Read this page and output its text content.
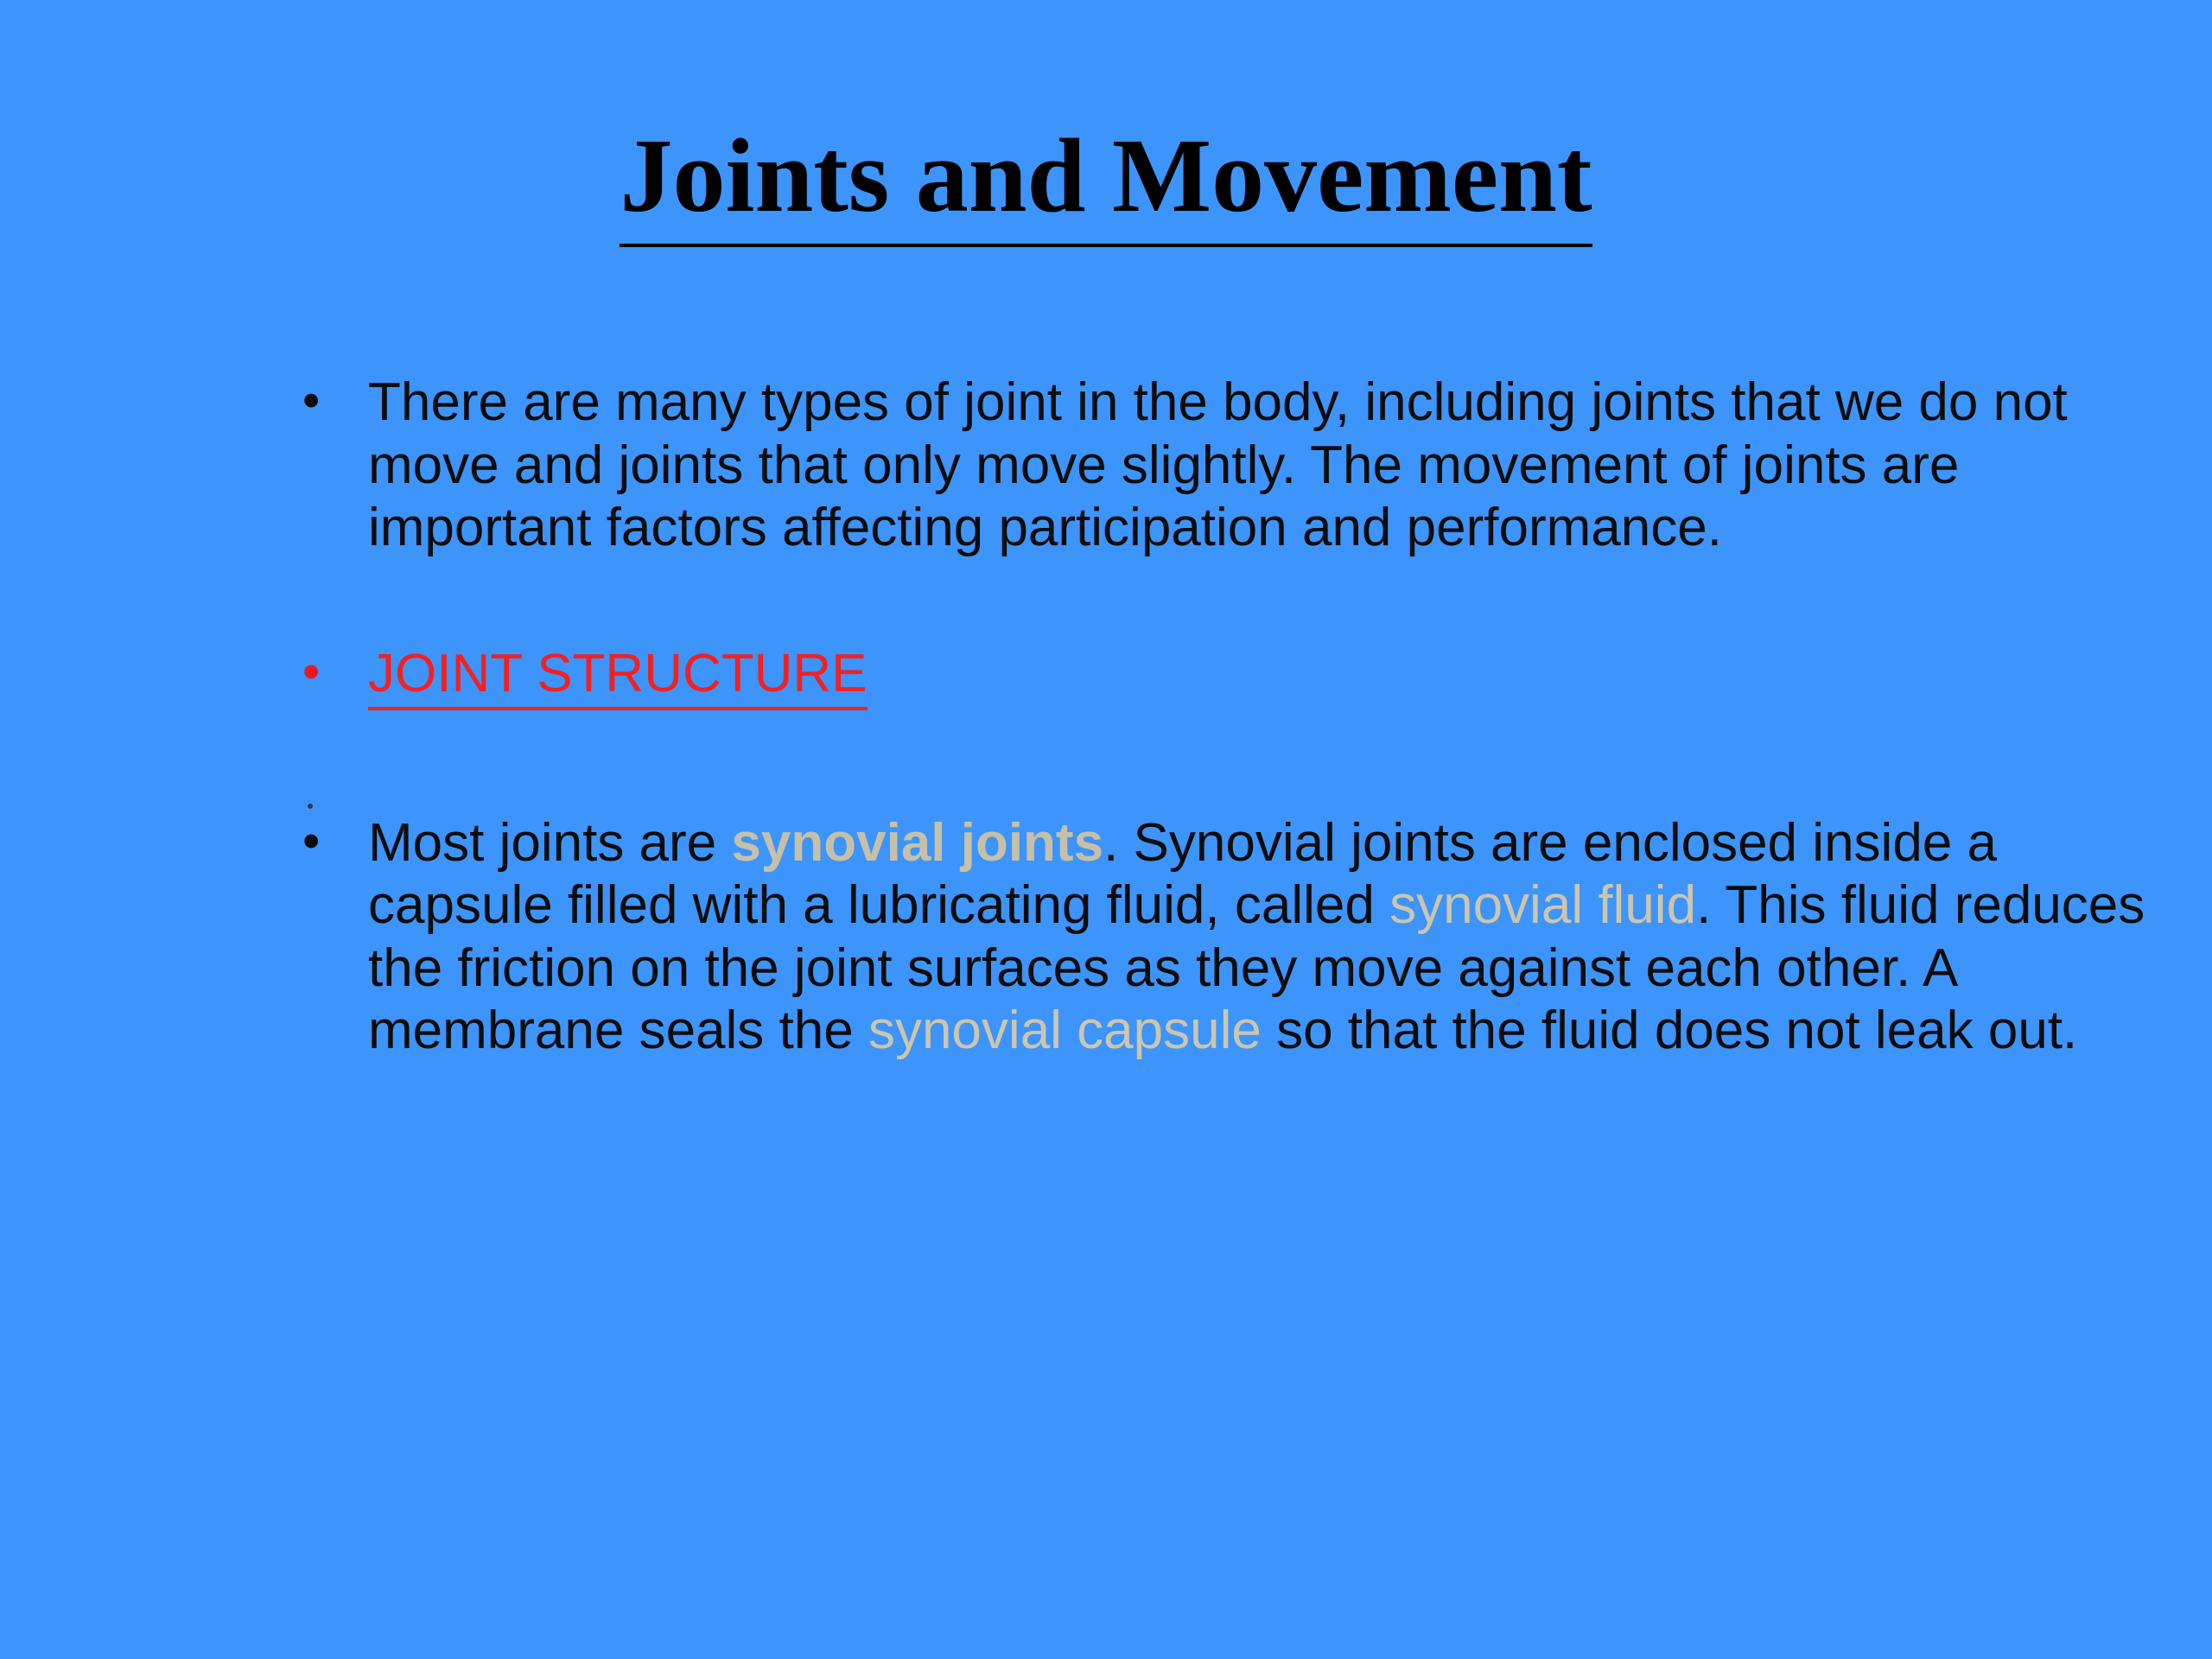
Joints and Movement
• There are many types of joint in the body, including joints that we do not move and joints that only move slightly. The movement of joints are important factors affecting participation and performance.
• JOINT STRUCTURE
• Most joints are synovial joints. Synovial joints are enclosed inside a capsule filled with a lubricating fluid, called synovial fluid. This fluid reduces the friction on the joint surfaces as they move against each other. A membrane seals the synovial capsule so that the fluid does not leak out.
